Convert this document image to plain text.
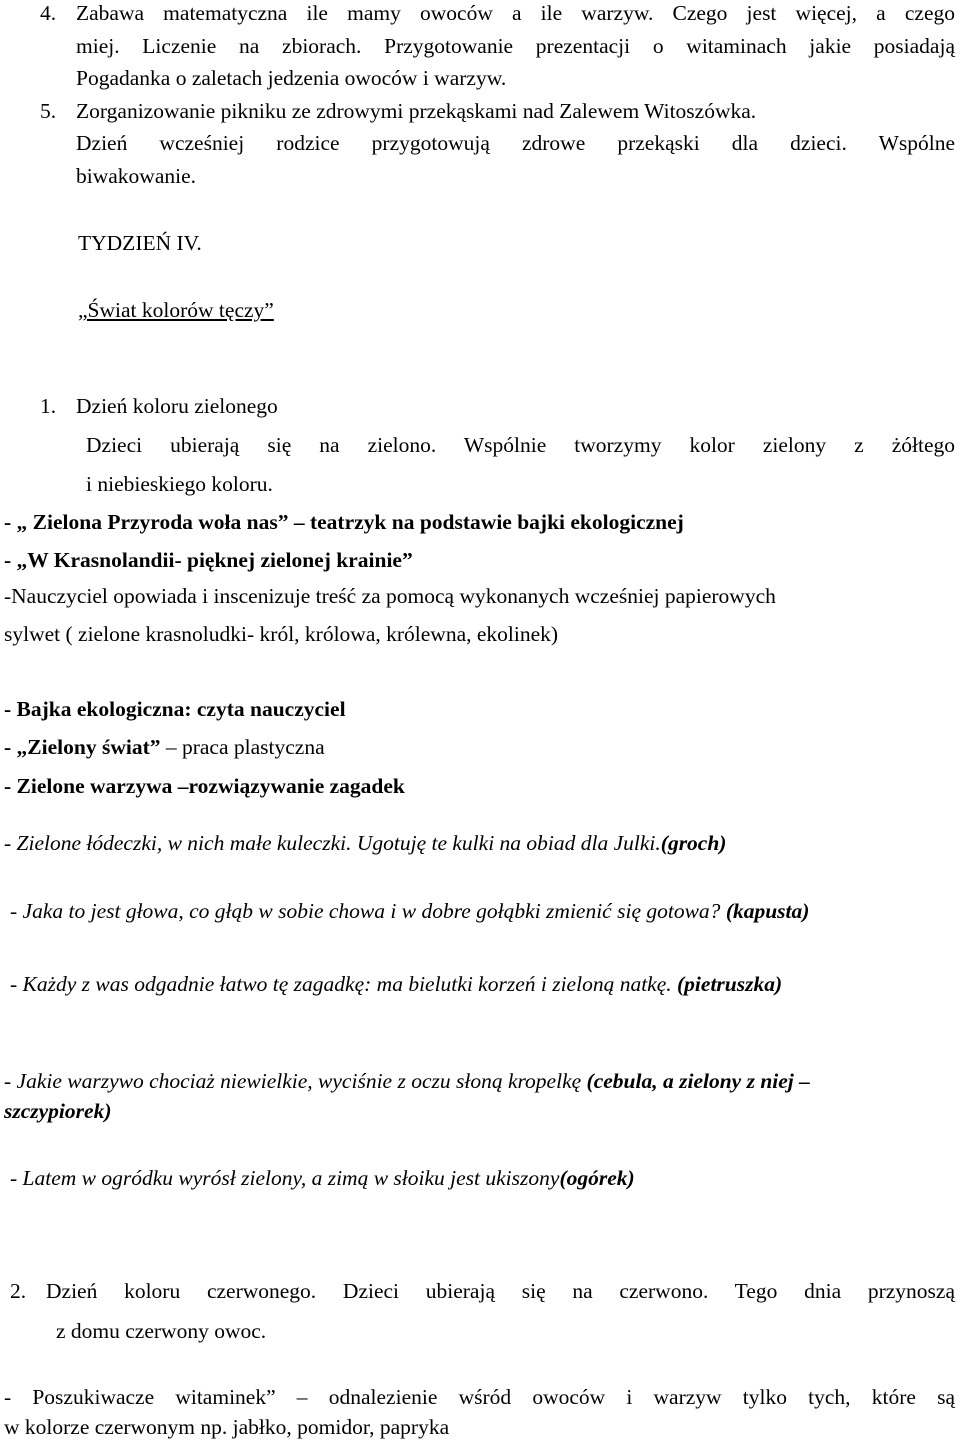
4. Zabawa matematyczna ile mamy owoców a ile warzyw. Czego jest więcej, a czego
miej. Liczenie na zbiorach. Przygotowanie prezentacji o witaminach jakie posiadają
Pogadanka o zaletach jedzenia owoców i warzyw.
5. Zorganizowanie pikniku ze zdrowymi przekąskami nad Zalewem Witoszówka.
Dzień wcześniej rodzice przygotowują zdrowe przekąski dla dzieci. Wspólne
biwakowanie.
TYDZIEŃ IV.
„Świat kolorów tęczy”
1. Dzień koloru zielonego
Dzieci ubierają się na zielono. Wspólnie tworzymy kolor zielony z żółtego
i niebieskiego koloru.
- „ Zielona Przyroda woła nas” – teatrzyk na podstawie bajki ekologicznej
- „W Krasnolandii- pięknej zielonej krainie”
-Nauczyciel opowiada i inscenizuje treść za pomocą wykonanych wcześniej papierowych
sylwet ( zielone krasnoludki- król, królowa, królewna, ekolinek)
- Bajka ekologiczna: czyta nauczyciel
- „Zielony świat” – praca plastyczna
- Zielone warzywa –rozwiązywanie zagadek
- Zielone łódeczki, w nich małe kuleczki. Ugotuję te kulki na obiad dla Julki.(groch)
- Jaka to jest głowa, co głąb w sobie chowa i w dobre gołąbki zmienić się gotowa? (kapusta)
- Każdy z was odgadnie łatwo tę zagadkę: ma bielutki korzeń i zieloną natkę. (pietruszka)
- Jakie warzywo chociaż niewielkie, wyciśnie z oczu słoną kropelkę (cebula, a zielony z niej –
szczypiorek)
- Latem w ogródku wyrósł zielony, a zimą w słoiku jest ukiszony(ogórek)
2. Dzień koloru czerwonego. Dzieci ubierają się na czerwono. Tego dnia przynoszą
z domu czerwony owoc.
- Poszukiwacze witaminek” – odnalezienie wśród owoców i warzyw tylko tych, które są
w kolorze czerwonym np. jabłko, pomidor, papryka
